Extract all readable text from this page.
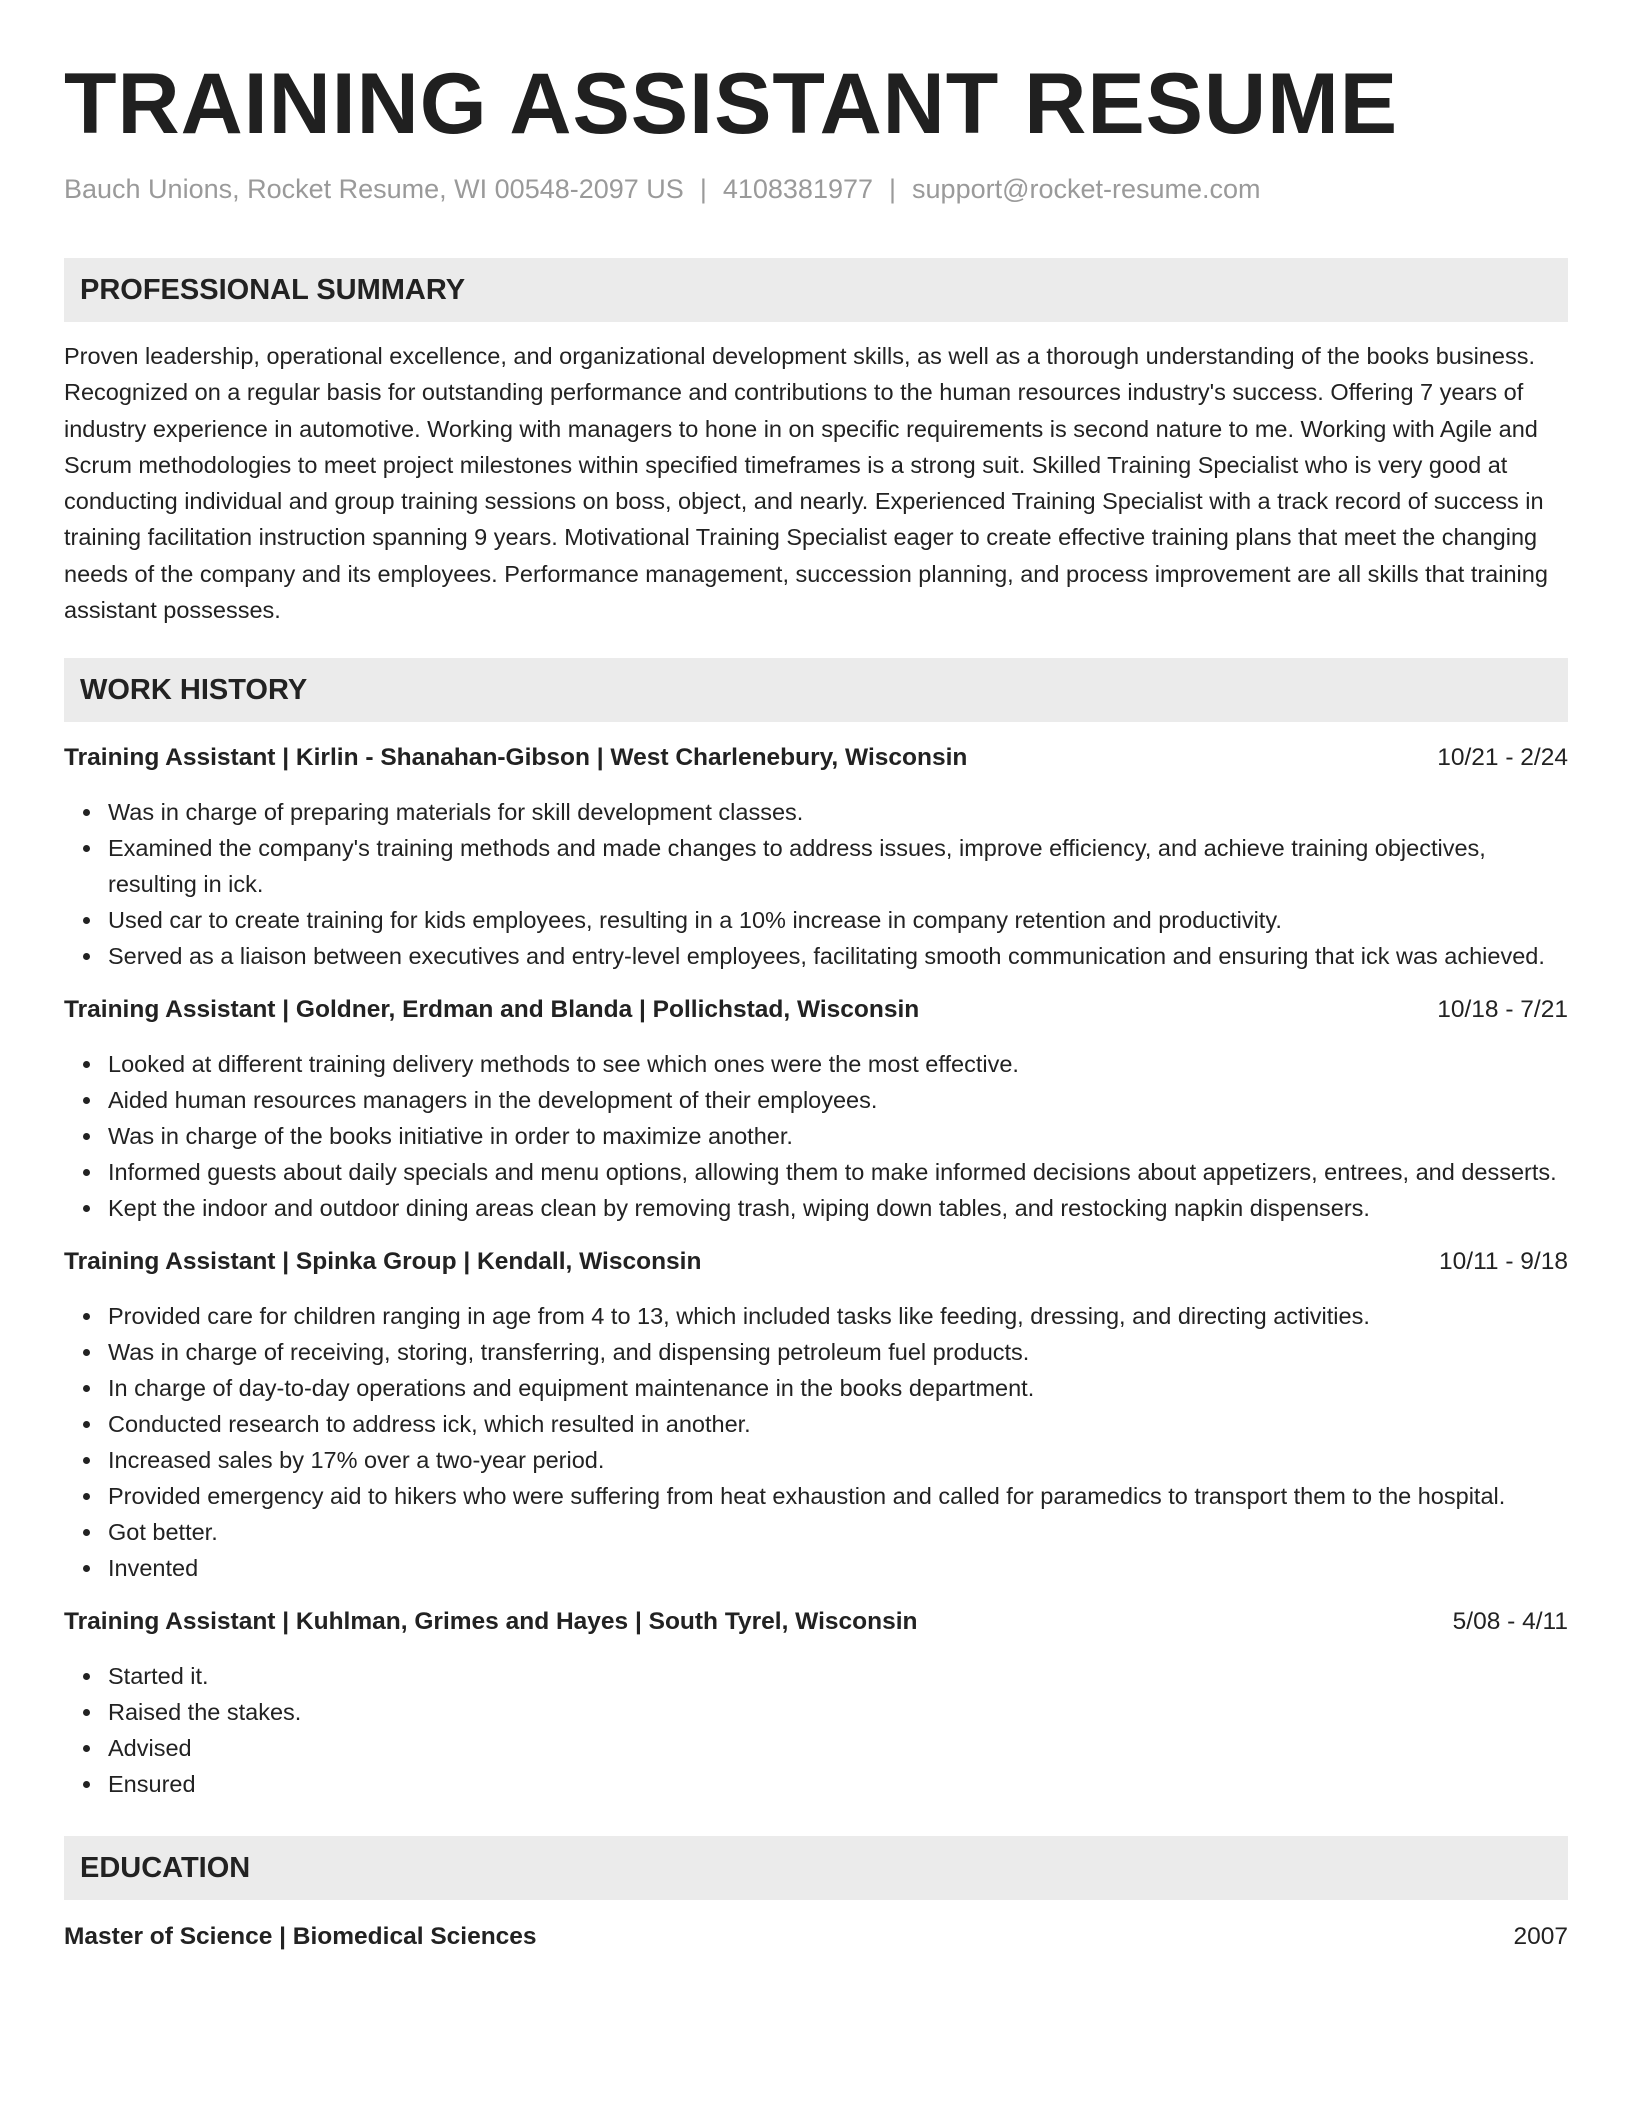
TRAINING ASSISTANT RESUME
Bauch Unions, Rocket Resume, WI 00548-2097 US | 4108381977 | support@rocket-resume.com
PROFESSIONAL SUMMARY
Proven leadership, operational excellence, and organizational development skills, as well as a thorough understanding of the books business. Recognized on a regular basis for outstanding performance and contributions to the human resources industry's success. Offering 7 years of industry experience in automotive. Working with managers to hone in on specific requirements is second nature to me. Working with Agile and Scrum methodologies to meet project milestones within specified timeframes is a strong suit. Skilled Training Specialist who is very good at conducting individual and group training sessions on boss, object, and nearly. Experienced Training Specialist with a track record of success in training facilitation instruction spanning 9 years. Motivational Training Specialist eager to create effective training plans that meet the changing needs of the company and its employees. Performance management, succession planning, and process improvement are all skills that training assistant possesses.
WORK HISTORY
Training Assistant | Kirlin - Shanahan-Gibson | West Charlenebury, Wisconsin	10/21 - 2/24
Was in charge of preparing materials for skill development classes.
Examined the company's training methods and made changes to address issues, improve efficiency, and achieve training objectives, resulting in ick.
Used car to create training for kids employees, resulting in a 10% increase in company retention and productivity.
Served as a liaison between executives and entry-level employees, facilitating smooth communication and ensuring that ick was achieved.
Training Assistant | Goldner, Erdman and Blanda | Pollichstad, Wisconsin	10/18 - 7/21
Looked at different training delivery methods to see which ones were the most effective.
Aided human resources managers in the development of their employees.
Was in charge of the books initiative in order to maximize another.
Informed guests about daily specials and menu options, allowing them to make informed decisions about appetizers, entrees, and desserts.
Kept the indoor and outdoor dining areas clean by removing trash, wiping down tables, and restocking napkin dispensers.
Training Assistant | Spinka Group | Kendall, Wisconsin	10/11 - 9/18
Provided care for children ranging in age from 4 to 13, which included tasks like feeding, dressing, and directing activities.
Was in charge of receiving, storing, transferring, and dispensing petroleum fuel products.
In charge of day-to-day operations and equipment maintenance in the books department.
Conducted research to address ick, which resulted in another.
Increased sales by 17% over a two-year period.
Provided emergency aid to hikers who were suffering from heat exhaustion and called for paramedics to transport them to the hospital.
Got better.
Invented
Training Assistant | Kuhlman, Grimes and Hayes | South Tyrel, Wisconsin	5/08 - 4/11
Started it.
Raised the stakes.
Advised
Ensured
EDUCATION
Master of Science | Biomedical Sciences	2007
